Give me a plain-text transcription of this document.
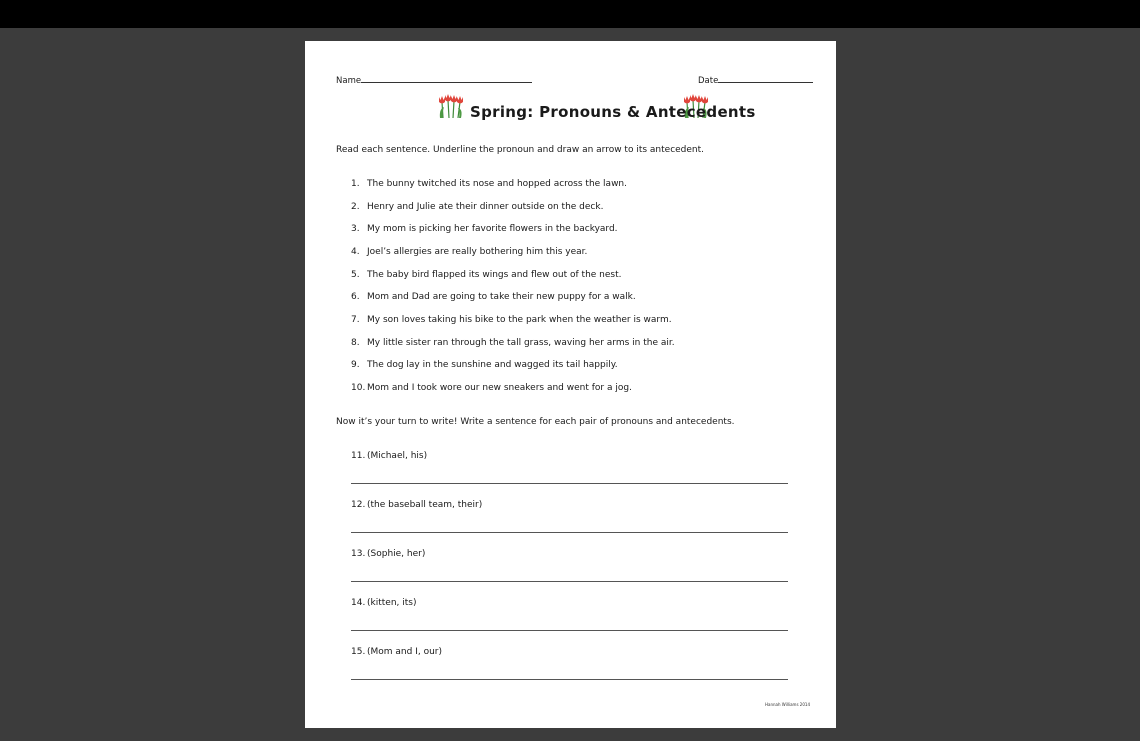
Name	Date
Spring: Pronouns & Antecedents
Read each sentence. Underline the pronoun and draw an arrow to its antecedent.
1. The bunny twitched its nose and hopped across the lawn.
2. Henry and Julie ate their dinner outside on the deck.
3. My mom is picking her favorite flowers in the backyard.
4. Joel’s allergies are really bothering him this year.
5. The baby bird flapped its wings and flew out of the nest.
6. Mom and Dad are going to take their new puppy for a walk.
7. My son loves taking his bike to the park when the weather is warm.
8. My little sister ran through the tall grass, waving her arms in the air.
9. The dog lay in the sunshine and wagged its tail happily.
10. Mom and I took wore our new sneakers and went for a jog.
Now it’s your turn to write! Write a sentence for each pair of pronouns and antecedents.
11. (Michael, his)
12. (the baseball team, their)
13. (Sophie, her)
14. (kitten, its)
15. (Mom and I, our)
Hannah Williams 2014
